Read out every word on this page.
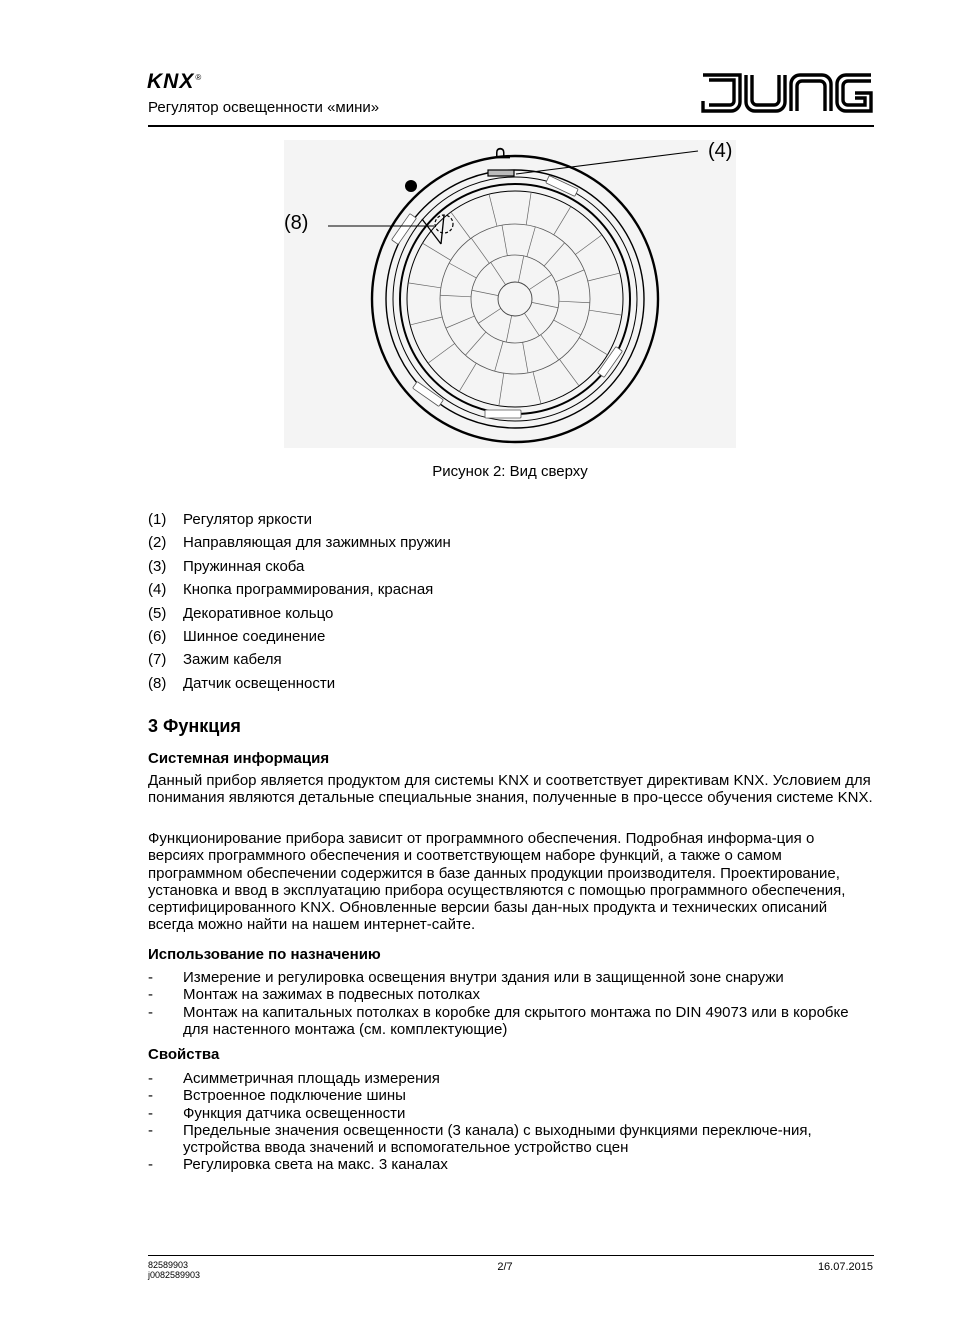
KNX®
Регулятор освещенности «мини»
P	(4)
(8)
Рисунок 2: Вид сверху
(1)	Регулятор яркости
(2)	Направляющая для зажимных пружин
(3)	Пружинная скоба
(4)	Кнопка программирования, красная
(5)	Декоративное кольцо
(6)	Шинное соединение
(7)	Зажим кабеля
(8)	Датчик освещенности
3 Функция
Системная информация
Данный прибор является продуктом для системы KNX и соответствует директивам KNX. Условием для понимания являются детальные специальные знания, полученные в про-цессе обучения системе KNX.
Функционирование прибора зависит от программного обеспечения. Подробная информа-ция о версиях программного обеспечения и соответствующем наборе функций, а также о самом программном обеспечении содержится в базе данных продукции производителя. Проектирование, установка и ввод в эксплуатацию прибора осуществляются с помощью программного обеспечения, сертифицированного KNX. Обновленные версии базы дан-ных продукта и технических описаний всегда можно найти на нашем интернет-сайте.
Использование по назначению
-	Измерение и регулировка освещения внутри здания или в защищенной зоне снаружи
-	Монтаж на зажимах в подвесных потолках
-	Монтаж на капитальных потолках в коробке для скрытого монтажа по DIN 49073 или в коробке для настенного монтажа (см. комплектующие)
Свойства
-	Асимметричная площадь измерения
-	Встроенное подключение шины
-	Функция датчика освещенности
-	Предельные значения освещенности (3 канала) с выходными функциями переключе-ния, устройства ввода значений и вспомогательное устройство сцен
-	Регулировка света на макс. 3 каналах
82589903
j0082589903
2/7	16.07.2015
